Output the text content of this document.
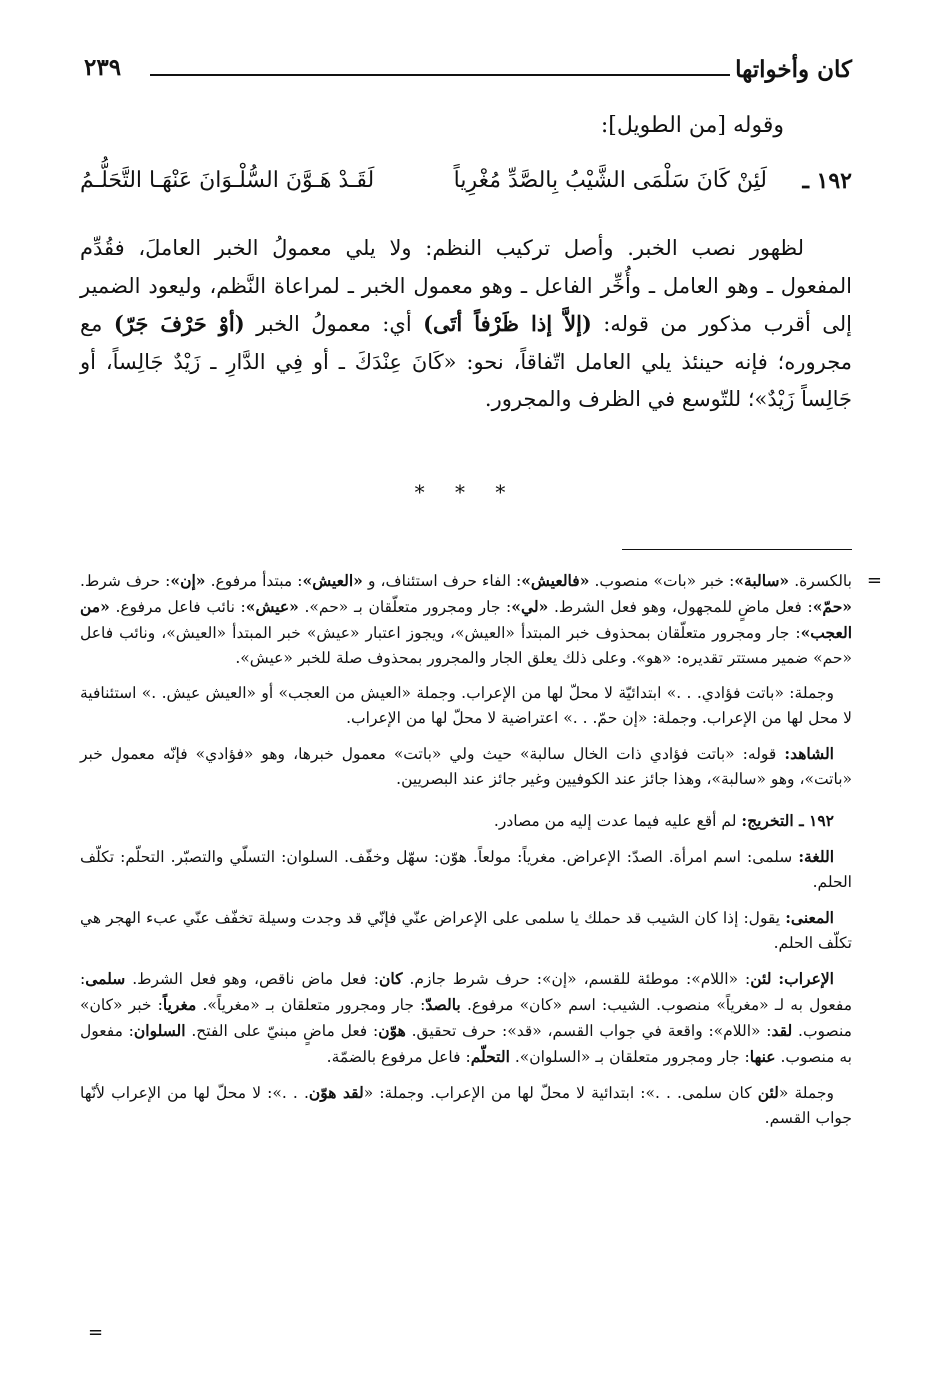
كان وأخواتها
٢٣٩
وقوله [من الطويل]:
١٩٢ ـ
لَئِنْ كَانَ سَلْمَى الشَّيْبُ بِالصَّدِّ مُغْرِياً
لَقَـدْ هَـوَّنَ السُّلْـوَانَ عَنْهَـا التَّحَلُّـمُ

لظهور نصب الخبر. وأصل تركيب النظم: ولا يلي معمولُ الخبر العاملَ، فقُدِّم المفعول ـ وهو العامل ـ وأُخِّر الفاعل ـ وهو معمول الخبر ـ لمراعاة النَّظم، وليعود الضمير إلى أقرب مذكور من قوله: (إلاَّ إذا ظَرْفاً أتَى) أي: معمولُ الخبر (أوْ حَرْفَ جَرّ) مع مجروره؛ فإنه حينئذ يلي العامل اتّفاقاً، نحو: «كَانَ عِنْدَكَ ـ أو فِي الدَّارِ ـ زَيْدٌ جَالِساً، أو جَالِساً زَيْدٌ»؛ للتّوسع في الظرف والمجرور.

* * *
=

بالكسرة. «سالبة»: خبر «بات» منصوب. «فالعيش»: الفاء حرف استئناف، و «العيش»: مبتدأ مرفوع. «إن»: حرف شرط. «حمّ»: فعل ماضٍ للمجهول، وهو فعل الشرط. «لي»: جار ومجرور متعلّقان بـ «حم». «عيش»: نائب فاعل مرفوع. «من العجب»: جار ومجرور متعلّقان بمحذوف خبر المبتدأ «العيش»، ويجوز اعتبار «عيش» خبر المبتدأ «العيش»، ونائب فاعل «حم» ضمير مستتر تقديره: «هو». وعلى ذلك يعلق الجار والمجرور بمحذوف صلة للخبر «عيش».

وجملة: «باتت فؤادي. . .» ابتدائيّة لا محلّ لها من الإعراب. وجملة «العيش من العجب» أو «العيش عيش. .» استئنافية لا محل لها من الإعراب. وجملة: «إن حمّ. . .» اعتراضية لا محلّ لها من الإعراب.

الشاهد: قوله: «باتت فؤادي ذات الخال سالبة» حيث ولي «باتت» معمول خبرها، وهو «فؤادي» فإنّه معمول خبر «باتت»، وهو «سالبة»، وهذا جائز عند الكوفيين وغير جائز عند البصريين.

١٩٢ ـ التخريج: لم أقع عليه فيما عدت إليه من مصادر.

اللغة: سلمى: اسم امرأة. الصدّ: الإعراض. مغرياً: مولعاً. هوّن: سهّل وخفّف. السلوان: التسلّي والتصبّر. التحلّم: تكلّف الحلم.

المعنى: يقول: إذا كان الشيب قد حملك يا سلمى على الإعراض عنّي فإنّي قد وجدت وسيلة تخفّف عنّي عبء الهجر هي تكلّف الحلم.

الإعراب: لئن: «اللام»: موطئة للقسم، «إن»: حرف شرط جازم. كان: فعل ماض ناقص، وهو فعل الشرط. سلمى: مفعول به لـ «مغرياً» منصوب. الشيب: اسم «كان» مرفوع. بالصدّ: جار ومجرور متعلقان بـ «مغرياً». مغرياً: خبر «كان» منصوب. لقد: «اللام»: واقعة في جواب القسم، «قد»: حرف تحقيق. هوّن: فعل ماضٍ مبنيّ على الفتح. السلوان: مفعول به منصوب. عنها: جار ومجرور متعلقان بـ «السلوان». التحلّم: فاعل مرفوع بالضمّة.

وجملة «لئن كان سلمى. . .»: ابتدائية لا محلّ لها من الإعراب. وجملة: «لقد هوّن. . .»: لا محلّ لها من الإعراب لأنّها جواب القسم.

=
